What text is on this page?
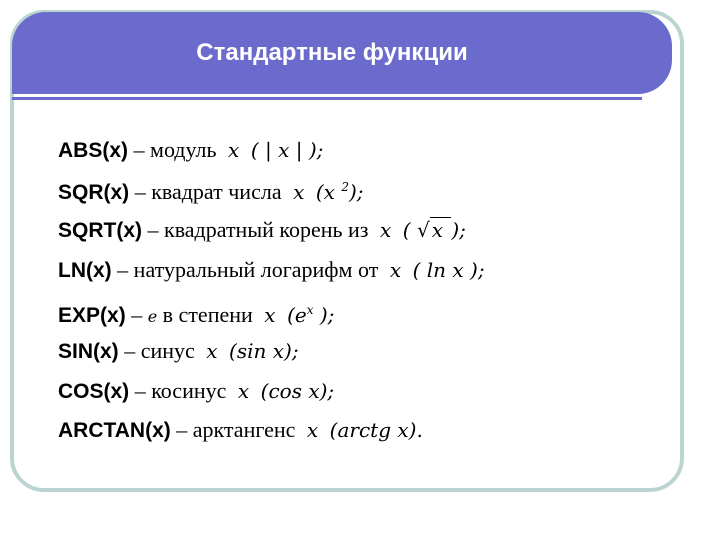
Стандартные функции
ABS(x) – модуль x ( | x | );
SQR(x) – квадрат числа x (x $^2$);
SQRT(x) – квадратный корень из x ( √ x );
LN(x) – натуральный логарифм от x ( ln x );
EXP(x) – e в степени x ($e^x$ );
SIN(x) – синус x (sin x);
COS(x) – косинус x (cos x);
ARCTAN(x) – арктангенс x (arctg x).
